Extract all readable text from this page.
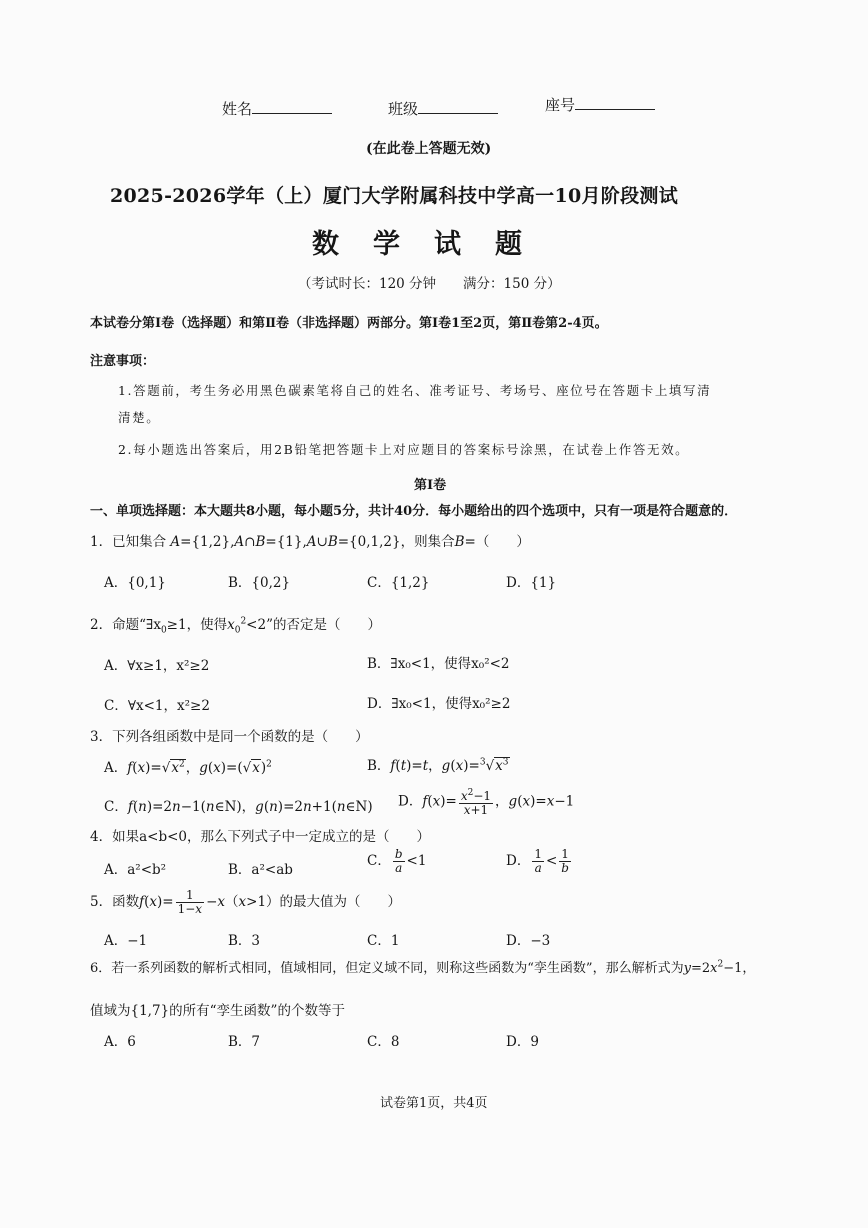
姓名	班级	座号
(在此卷上答题无效)
2025-2026学年（上）厦门大学附属科技中学高一10月阶段测试
数学试题
（考试时长：120 分钟　　满分：150 分）
本试卷分第Ⅰ卷（选择题）和第Ⅱ卷（非选择题）两部分。第Ⅰ卷1至2页，第Ⅱ卷第2-4页。
注意事项：
1.答题前，考生务必用黑色碳素笔将自己的姓名、准考证号、考场号、座位号在答题卡上填写清
清楚。
2.每小题选出答案后，用2B铅笔把答题卡上对应题目的答案标号涂黑，在试卷上作答无效。
第Ⅰ卷
一、单项选择题：本大题共8小题，每小题5分，共计40分．每小题给出的四个选项中，只有一项是符合题意的．
1．已知集合 A={1,2},A∩B={1},A∪B={0,1,2}，则集合B=（　　）
A．{0,1}	B．{0,2}	C．{1,2}	D．{1}
2．命题“$\exists x_0\ge 1$，使得$x_0^2<2$”的否定是（　　）
A．∀x≥1，x²≥2	B．∃x₀<1，使得x₀²<2
C．∀x<1，x²≥2	D．∃x₀<1，使得x₀²≥2
3．下列各组函数中是同一个函数的是（　　）
A．$f(x)=√x^2$，$g(x)=(√x)^2$	B．f(t)=t，$g(x)=^3√x^3$
C．f(n)=2n−1(n∈N)，g(n)=2n+1(n∈N) D．$f(x)= \frac{x^2-1}{x+1}$ ，g(x)=x−1
4．如果a<b<0，那么下列式子中一定成立的是（　　）
A．a²<b²	B．a²<ab
C． $\frac{b}{a} <1$	D． $\frac{1}{a} < \frac{1}{b}$
5．函数$f(x)= \frac{1}{1-x} -x(x>1)$的最大值为（　　）
A．−1	B．3	C．1	D．−3
6．若一系列函数的解析式相同，值域相同，但定义域不同，则称这些函数为“孪生函数”，那么解析式为$y=2x^2-1$，
值域为{1,7}的所有“孪生函数”的个数等于
A．6	B．7	C．8	D．9
试卷第1页，共4页
